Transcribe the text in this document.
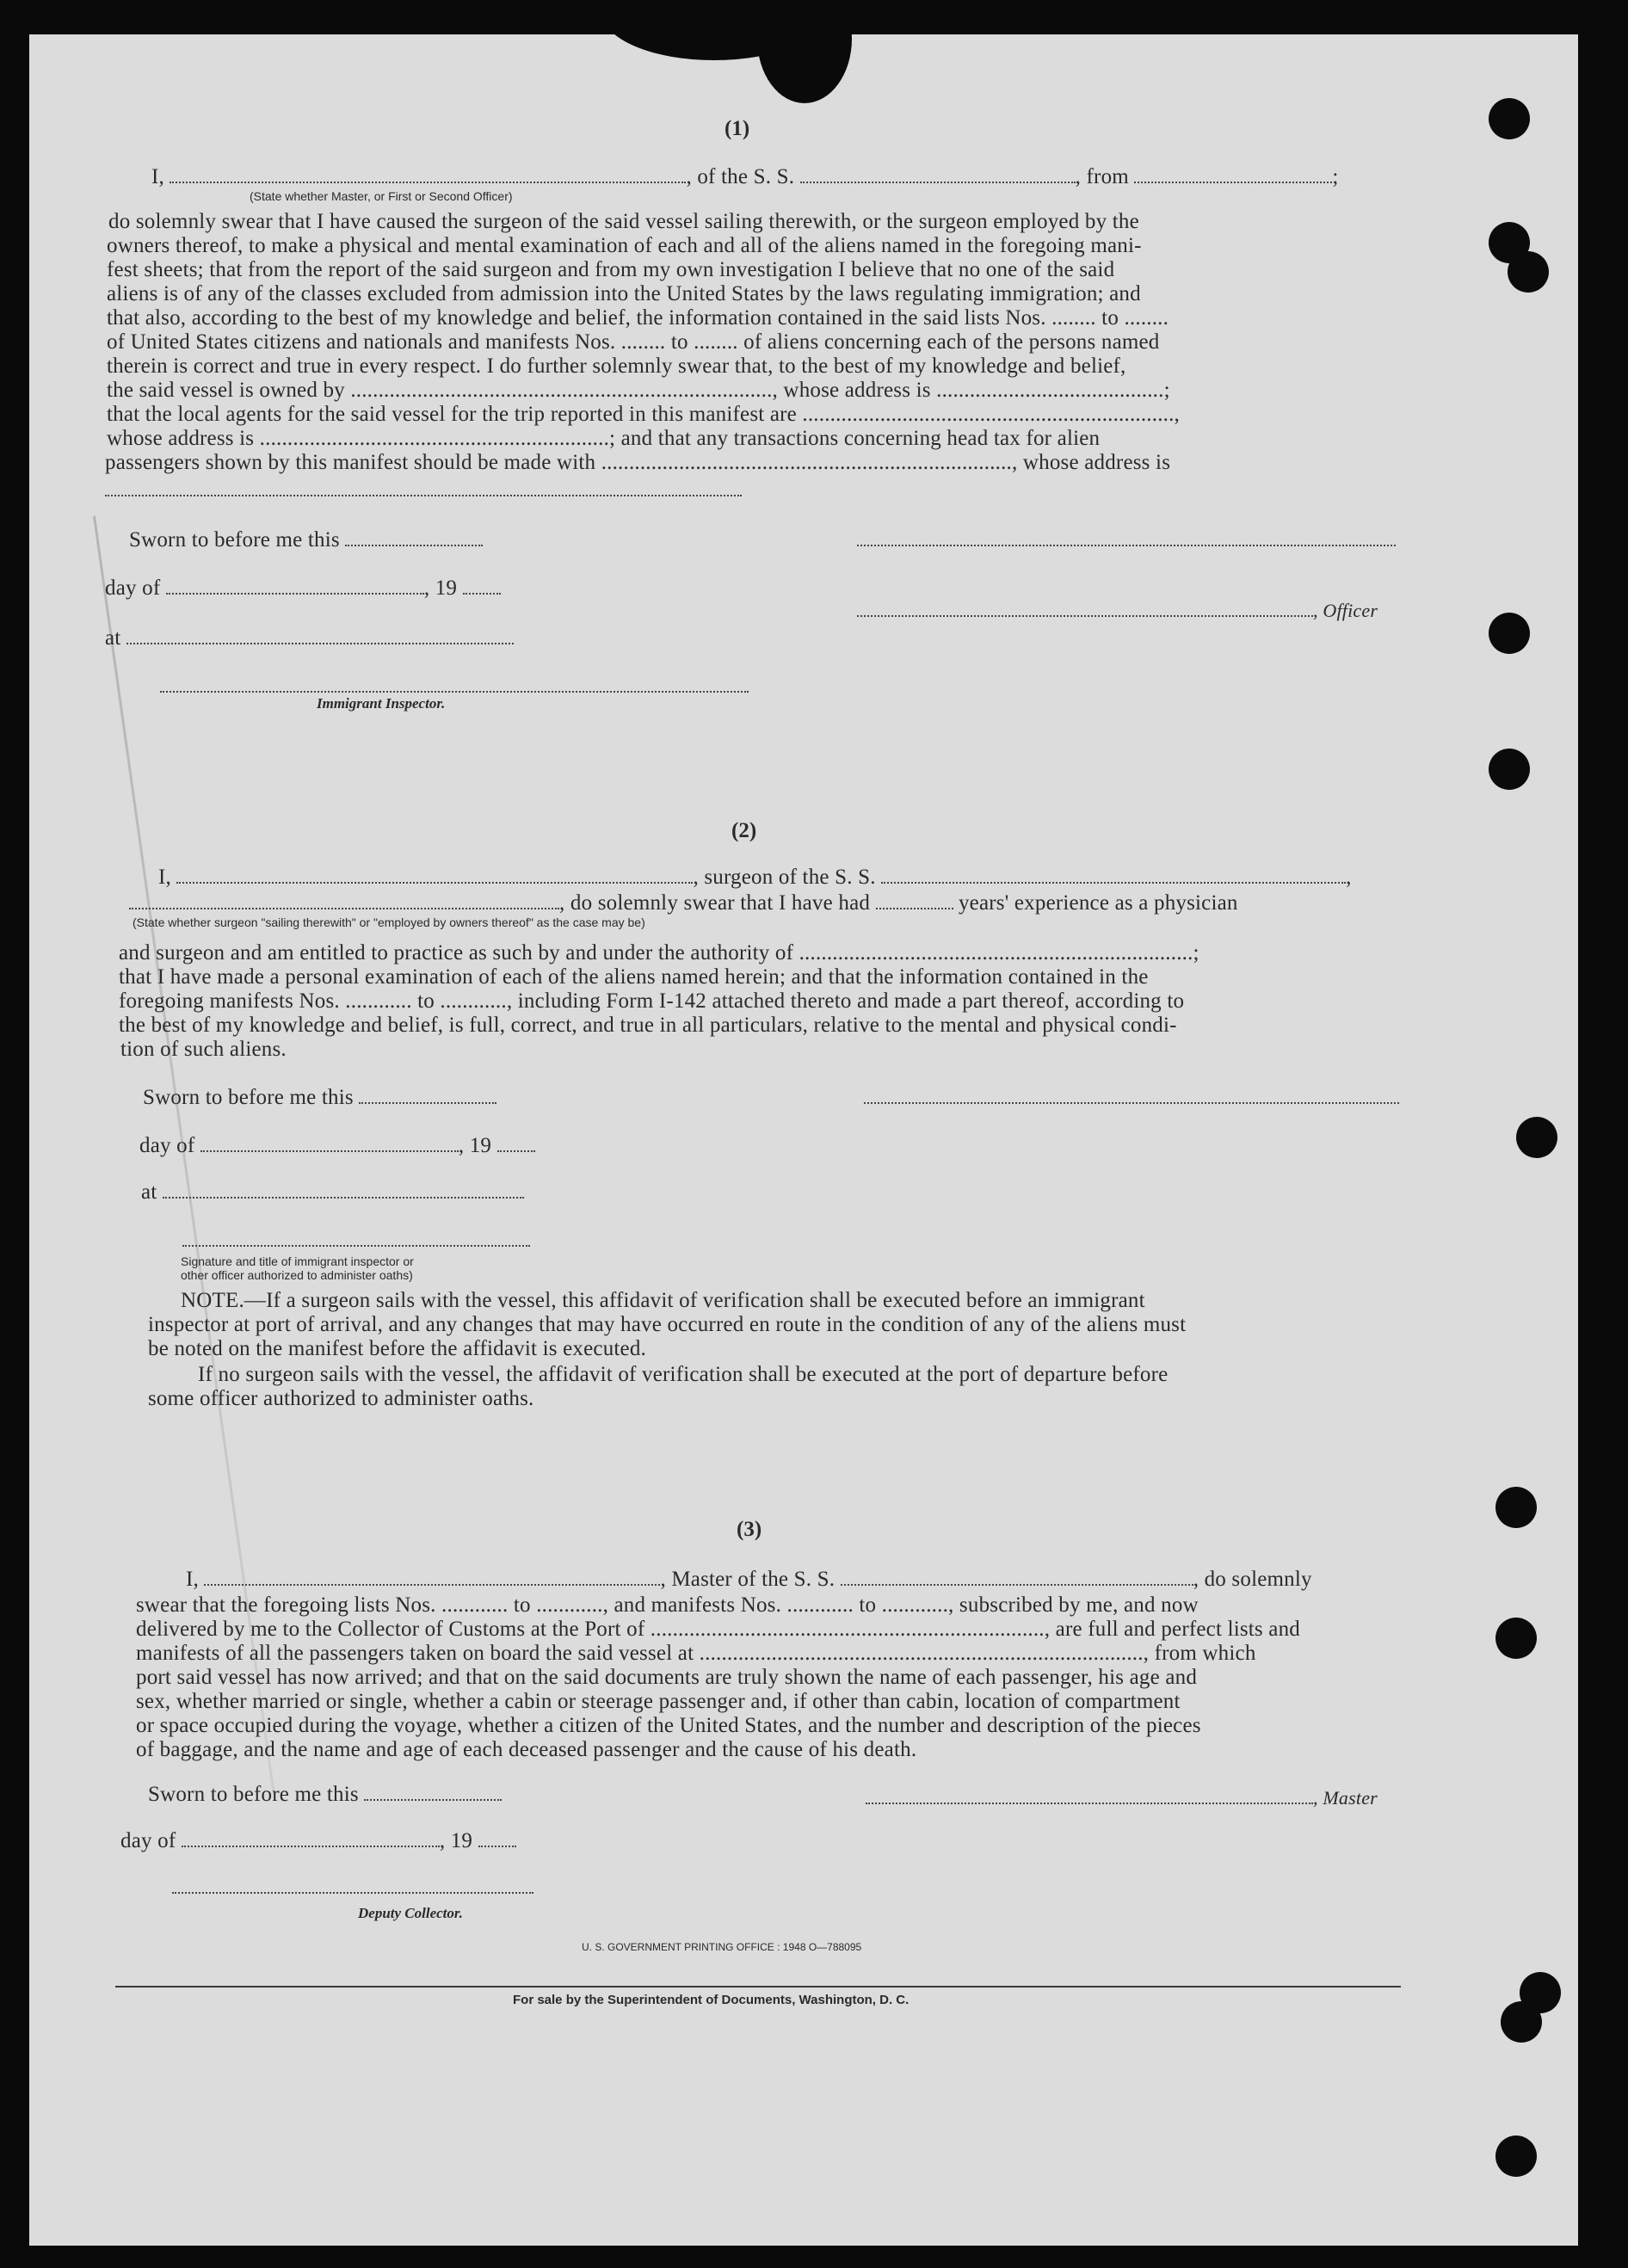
(1)
I,	, of the S. S.	, from	;
(State whether Master, or First or Second Officer)
do solemnly swear that I have caused the surgeon of the said vessel sailing therewith, or the surgeon employed by the
owners thereof, to make a physical and mental examination of each and all of the aliens named in the foregoing mani-
fest sheets; that from the report of the said surgeon and from my own investigation I believe that no one of the said
aliens is of any of the classes excluded from admission into the United States by the laws regulating immigration; and
that also, according to the best of my knowledge and belief, the information contained in the said lists Nos. ........ to ........
of United States citizens and nationals and manifests Nos. ........ to ........ of aliens concerning each of the persons named
therein is correct and true in every respect. I do further solemnly swear that, to the best of my knowledge and belief,
the said vessel is owned by ............................................................................, whose address is .........................................;
that the local agents for the said vessel for the trip reported in this manifest are ...................................................................,
whose address is ...............................................................; and that any transactions concerning head tax for alien
passengers shown by this manifest should be made with .........................................................................., whose address is
Sworn to before me this
day of	, 19
, Officer
at
Immigrant Inspector.
(2)
I,	, surgeon of the S. S.	,
, do solemnly swear that I have had	years' experience as a physician
(State whether surgeon "sailing therewith" or "employed by owners thereof" as the case may be)
and surgeon and am entitled to practice as such by and under the authority of .......................................................................;
that I have made a personal examination of each of the aliens named herein; and that the information contained in the
foregoing manifests Nos. ............ to ............, including Form I-142 attached thereto and made a part thereof, according to
the best of my knowledge and belief, is full, correct, and true in all particulars, relative to the mental and physical condi-
tion of such aliens.
Sworn to before me this
day of	, 19
at
Signature and title of immigrant inspector or
other officer authorized to administer oaths)
NOTE.—If a surgeon sails with the vessel, this affidavit of verification shall be executed before an immigrant
inspector at port of arrival, and any changes that may have occurred en route in the condition of any of the aliens must
be noted on the manifest before the affidavit is executed.
If no surgeon sails with the vessel, the affidavit of verification shall be executed at the port of departure before
some officer authorized to administer oaths.
(3)
I,	, Master of the S. S.	, do solemnly
swear that the foregoing lists Nos. ............ to ............, and manifests Nos. ............ to ............, subscribed by me, and now
delivered by me to the Collector of Customs at the Port of ......................................................................., are full and perfect lists and
manifests of all the passengers taken on board the said vessel at ................................................................................, from which
port said vessel has now arrived; and that on the said documents are truly shown the name of each passenger, his age and
sex, whether married or single, whether a cabin or steerage passenger and, if other than cabin, location of compartment
or space occupied during the voyage, whether a citizen of the United States, and the number and description of the pieces
of baggage, and the name and age of each deceased passenger and the cause of his death.
Sworn to before me this	, Master
day of	, 19
Deputy Collector.
U. S. GOVERNMENT PRINTING OFFICE : 1948 O—788095
For sale by the Superintendent of Documents, Washington, D. C.
